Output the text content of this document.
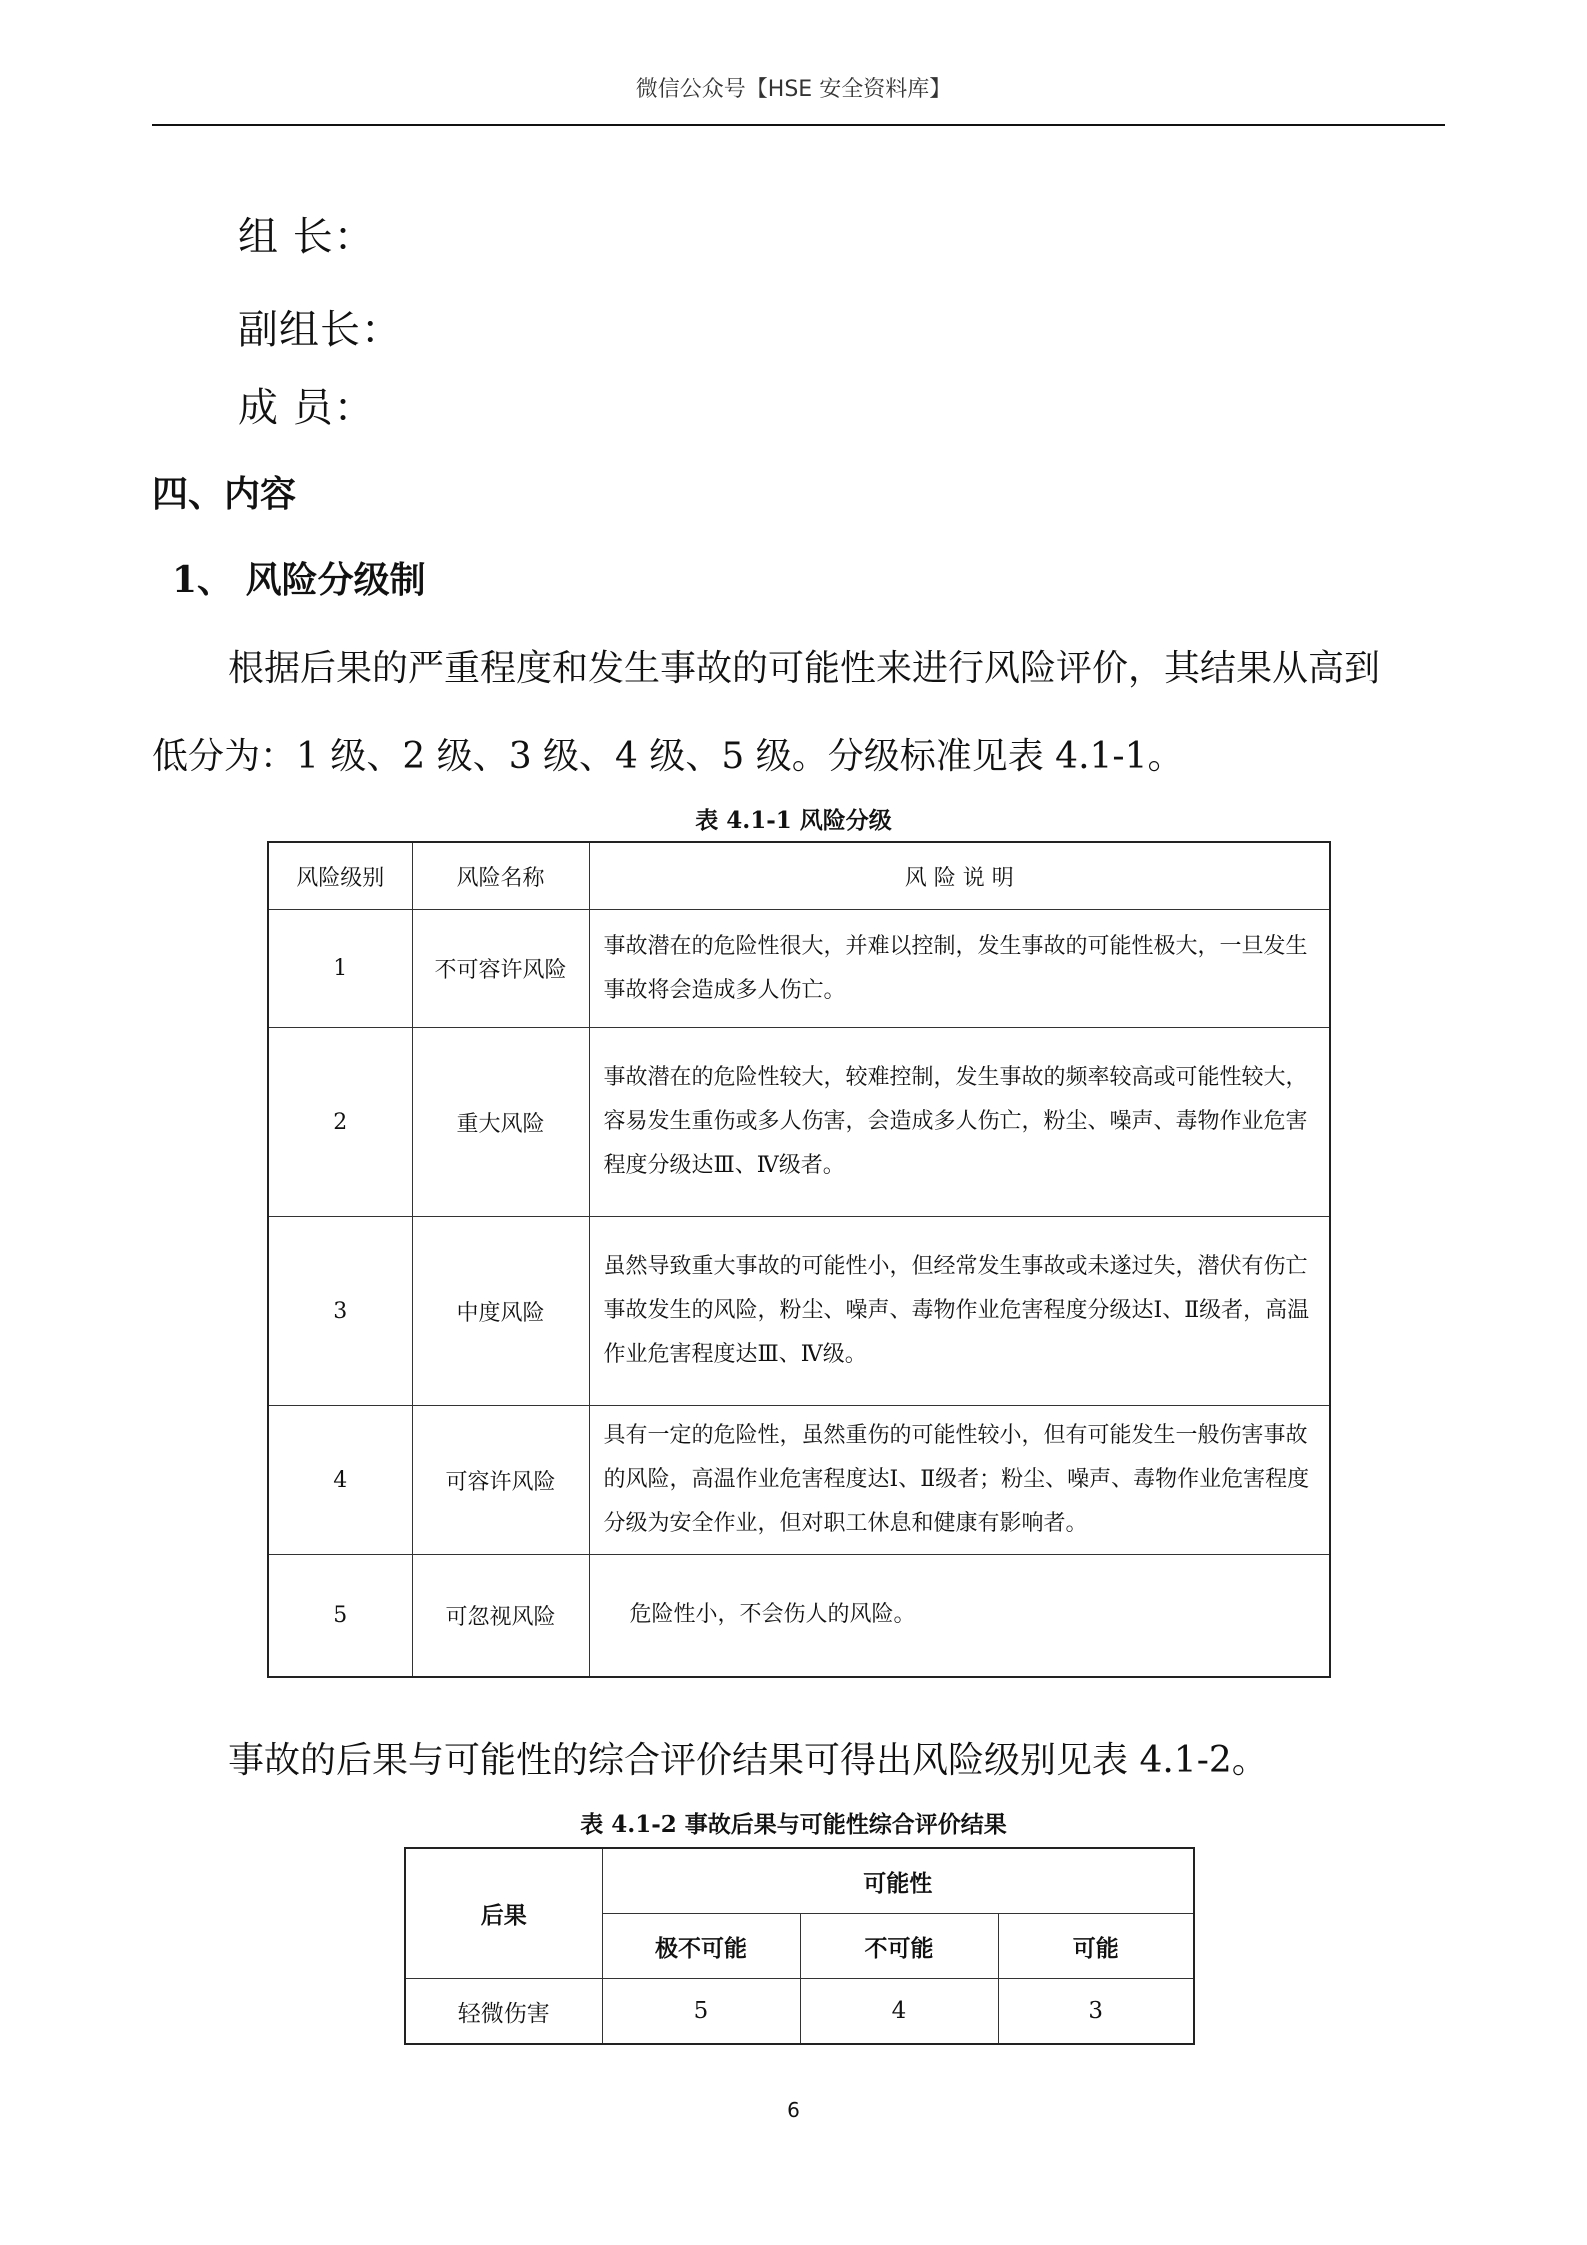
微信公众号【HSE 安全资料库】
组 长：
副组长：
成 员：
四、内容
1、 风险分级制
根据后果的严重程度和发生事故的可能性来进行风险评价，其结果从高到
低分为：1 级、2 级、3 级、4 级、5 级。分级标准见表 4.1-1。
表 4.1-1 风险分级
风险级别	风险名称	风 险 说 明
1	不可容许风险	事故潜在的危险性很大，并难以控制，发生事故的可能性极大，一旦发生事故将会造成多人伤亡。
2	重大风险	事故潜在的危险性较大，较难控制，发生事故的频率较高或可能性较大，容易发生重伤或多人伤害，会造成多人伤亡，粉尘、噪声、毒物作业危害程度分级达Ⅲ、Ⅳ级者。
3	中度风险	虽然导致重大事故的可能性小，但经常发生事故或未遂过失，潜伏有伤亡事故发生的风险，粉尘、噪声、毒物作业危害程度分级达Ⅰ、Ⅱ级者，高温作业危害程度达Ⅲ、Ⅳ级。
4	可容许风险	具有一定的危险性，虽然重伤的可能性较小，但有可能发生一般伤害事故的风险，高温作业危害程度达Ⅰ、Ⅱ级者；粉尘、噪声、毒物作业危害程度分级为安全作业，但对职工休息和健康有影响者。
5	可忽视风险	危险性小，不会伤人的风险。
事故的后果与可能性的综合评价结果可得出风险级别见表 4.1-2。
表 4.1-2 事故后果与可能性综合评价结果
后果	可能性		
	极不可能	不可能	可能
轻微伤害	5	4	3
6
